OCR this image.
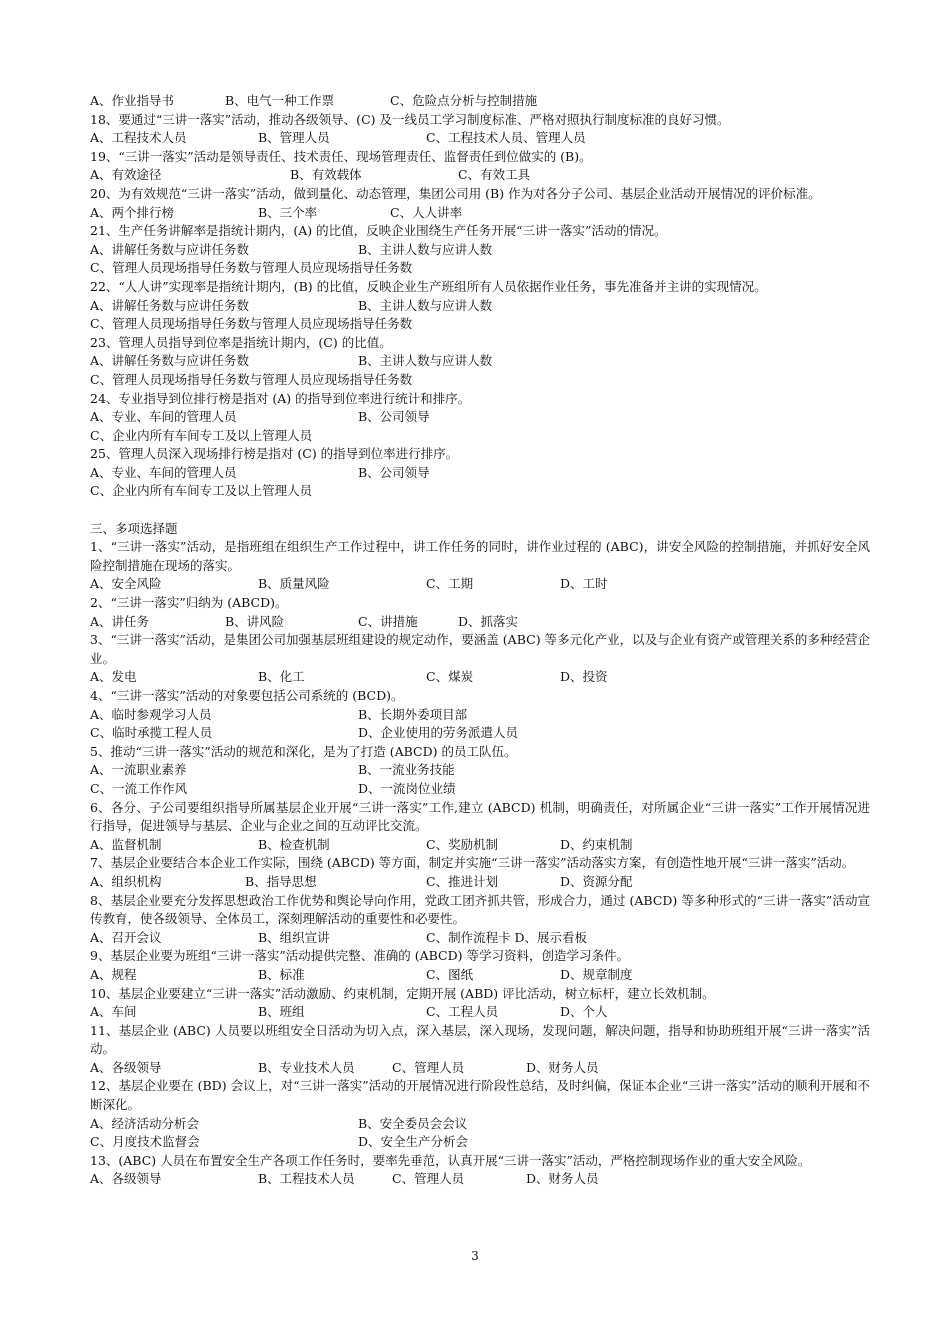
A、作业指导书	B、电气一种工作票	C、危险点分析与控制措施
18、要通过“三讲一落实”活动，推动各级领导、(C) 及一线员工学习制度标准、严格对照执行制度标准的良好习惯。
A、工程技术人员	B、管理人员	C、工程技术人员、管理人员
19、“三讲一落实”活动是领导责任、技术责任、现场管理责任、监督责任到位做实的 (B)。
A、有效途径	B、有效载体	C、有效工具
20、为有效规范“三讲一落实”活动，做到量化、动态管理，集团公司用 (B) 作为对各分子公司、基层企业活动开展情况的评价标准。
A、两个排行榜	B、三个率	C、人人讲率
21、生产任务讲解率是指统计期内，(A) 的比值，反映企业围绕生产任务开展“三讲一落实”活动的情况。
A、讲解任务数与应讲任务数	B、主讲人数与应讲人数
C、管理人员现场指导任务数与管理人员应现场指导任务数
22、“人人讲”实现率是指统计期内，(B) 的比值，反映企业生产班组所有人员依据作业任务，事先准备并主讲的实现情况。
A、讲解任务数与应讲任务数	B、主讲人数与应讲人数
C、管理人员现场指导任务数与管理人员应现场指导任务数
23、管理人员指导到位率是指统计期内，(C) 的比值。
A、讲解任务数与应讲任务数	B、主讲人数与应讲人数
C、管理人员现场指导任务数与管理人员应现场指导任务数
24、专业指导到位排行榜是指对 (A) 的指导到位率进行统计和排序。
A、专业、车间的管理人员	B、公司领导
C、企业内所有车间专工及以上管理人员
25、管理人员深入现场排行榜是指对 (C) 的指导到位率进行排序。
A、专业、车间的管理人员	B、公司领导
C、企业内所有车间专工及以上管理人员
三、多项选择题
1、“三讲一落实”活动，是指班组在组织生产工作过程中，讲工作任务的同时，讲作业过程的 (ABC)，讲安全风险的控制措施，并抓好安全风险控制措施在现场的落实。
A、安全风险	B、质量风险	C、工期	D、工时
2、“三讲一落实”归纳为 (ABCD)。
A、讲任务	B、讲风险	C、讲措施	D、抓落实
3、“三讲一落实”活动，是集团公司加强基层班组建设的规定动作，要涵盖 (ABC) 等多元化产业，以及与企业有资产或管理关系的多种经营企业。
A、发电	B、化工	C、煤炭	D、投资
4、“三讲一落实”活动的对象要包括公司系统的 (BCD)。
A、临时参观学习人员	B、长期外委项目部
C、临时承揽工程人员	D、企业使用的劳务派遣人员
5、推动“三讲一落实”活动的规范和深化，是为了打造 (ABCD) 的员工队伍。
A、一流职业素养	B、一流业务技能
C、一流工作作风	D、一流岗位业绩
6、各分、子公司要组织指导所属基层企业开展“三讲一落实”工作,建立 (ABCD) 机制，明确责任，对所属企业“三讲一落实”工作开展情况进行指导，促进领导与基层、企业与企业之间的互动评比交流。
A、监督机制	B、检查机制	C、奖励机制	D、约束机制
7、基层企业要结合本企业工作实际，围绕 (ABCD) 等方面，制定并实施“三讲一落实”活动落实方案，有创造性地开展“三讲一落实”活动。
A、组织机构	B、指导思想	C、推进计划	D、资源分配
8、基层企业要充分发挥思想政治工作优势和舆论导向作用，党政工团齐抓共管，形成合力，通过 (ABCD) 等多种形式的“三讲一落实”活动宣传教育，使各级领导、全体员工，深刻理解活动的重要性和必要性。
A、召开会议	B、组织宣讲	C、制作流程卡 D、展示看板
9、基层企业要为班组“三讲一落实”活动提供完整、准确的 (ABCD) 等学习资料，创造学习条件。
A、规程	B、标准	C、图纸	D、规章制度
10、基层企业要建立“三讲一落实”活动激励、约束机制，定期开展 (ABD) 评比活动，树立标杆，建立长效机制。
A、车间	B、班组	C、工程人员	D、个人
11、基层企业 (ABC) 人员要以班组安全日活动为切入点，深入基层，深入现场，发现问题，解决问题，指导和协助班组开展“三讲一落实”活动。
A、各级领导	B、专业技术人员	C、管理人员	D、财务人员
12、基层企业要在 (BD) 会议上，对“三讲一落实”活动的开展情况进行阶段性总结，及时纠偏，保证本企业“三讲一落实”活动的顺利开展和不断深化。
A、经济活动分析会	B、安全委员会会议
C、月度技术监督会	D、安全生产分析会
13、(ABC) 人员在布置安全生产各项工作任务时，要率先垂范，认真开展“三讲一落实”活动，严格控制现场作业的重大安全风险。
A、各级领导	B、工程技术人员	C、管理人员	D、财务人员
3
